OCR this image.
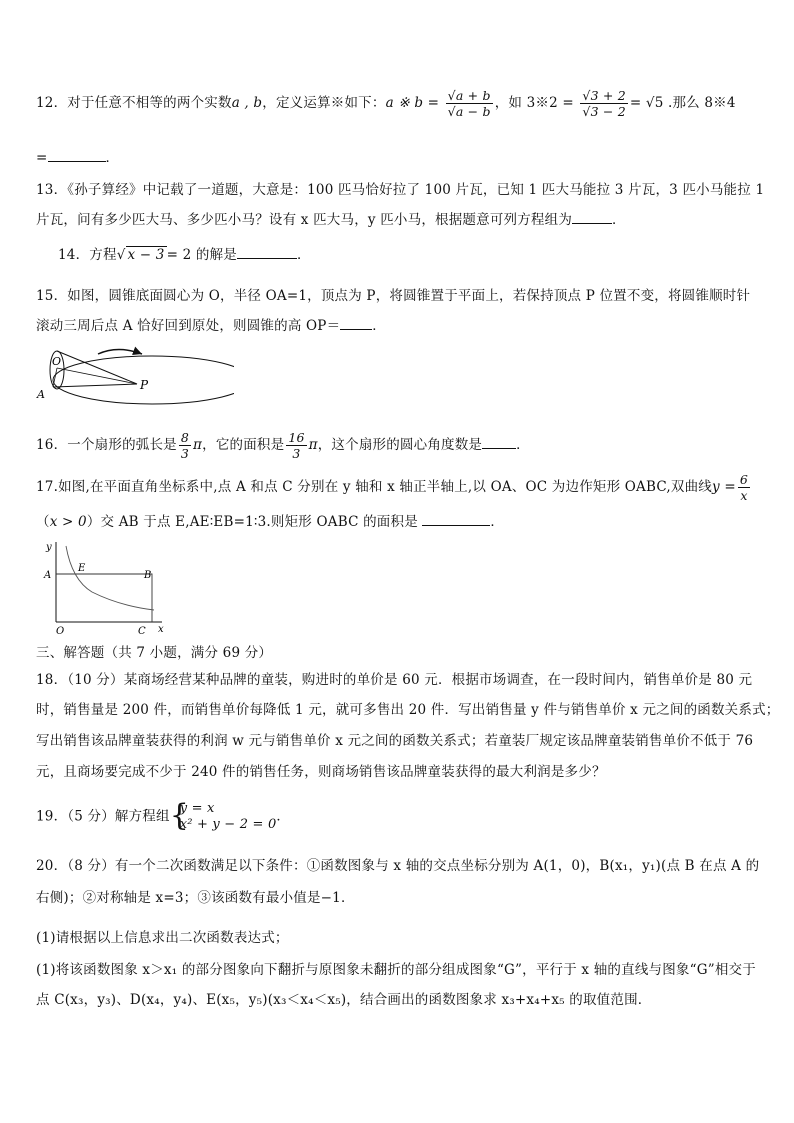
12．对于任意不相等的两个实数a , b，定义运算※如下：a ※ $b = \frac{√a + b}{√a - b}$ ，如 3※2 = $\frac{√3 + 2}{√3 - 2} = √5$ .那么 8※4
=	．
13．《孙子算经》中记载了一道题，大意是：100 匹马恰好拉了 100 片瓦，已知 1 匹大马能拉 3 片瓦，3 匹小马能拉 1
片瓦，问有多少匹大马、多少匹小马？设有 x 匹大马，y 匹小马，根据题意可列方程组为	．
14．方程√ x − 3 = 2 的解是	．
15．如图，圆锥底面圆心为 O，半径 OA=1，顶点为 P，将圆锥置于平面上，若保持顶点 P 位置不变，将圆锥顺时针
滚动三周后点 A 恰好回到原处，则圆锥的高 OP＝ ．
O
A
P
16．一个扇形的弧长是 $\frac{8}{3}$ π，它的面积是 $\frac{16}{3}$ π，这个扇形的圆心角度数是	．
17.如图,在平面直角坐标系中,点 A 和点 C 分别在 y 轴和 x 轴正半轴上,以 OA、OC 为边作矩形 OABC,双曲线$y = \frac{6}{x}$
（x > 0）交 AB 于点 E,AE∶EB=1∶3.则矩形 OABC 的面积是	．
y
x
A
E
B
O	C
三、解答题（共 7 小题，满分 69 分）
18．（10 分）某商场经营某种品牌的童装，购进时的单价是 60 元．根据市场调查，在一段时间内，销售单价是 80 元
时，销售量是 200 件，而销售单价每降低 1 元，就可多售出 20 件．写出销售量 y 件与销售单价 x 元之间的函数关系式；
写出销售该品牌童装获得的利润 w 元与销售单价 x 元之间的函数关系式；若童装厂规定该品牌童装销售单价不低于 76
元，且商场要完成不少于 240 件的销售任务，则商场销售该品牌童装获得的最大利润是多少？
19．（5 分）解方程组 {
y = x
x² + y − 2 = 0 ．
20．（8 分）有一个二次函数满足以下条件：①函数图象与 x 轴的交点坐标分别为 A(1，0)，B(x₁，y₁)(点 B 在点 A 的
右侧)；②对称轴是 x=3；③该函数有最小值是−1．
(1)请根据以上信息求出二次函数表达式；
(1)将该函数图象 x＞x₁ 的部分图象向下翻折与原图象未翻折的部分组成图象“G”，平行于 x 轴的直线与图象“G”相交于
点 C(x₃，y₃)、D(x₄，y₄)、E(x₅，y₅)(x₃＜x₄＜x₅)，结合画出的函数图象求 x₃+x₄+x₅ 的取值范围．
